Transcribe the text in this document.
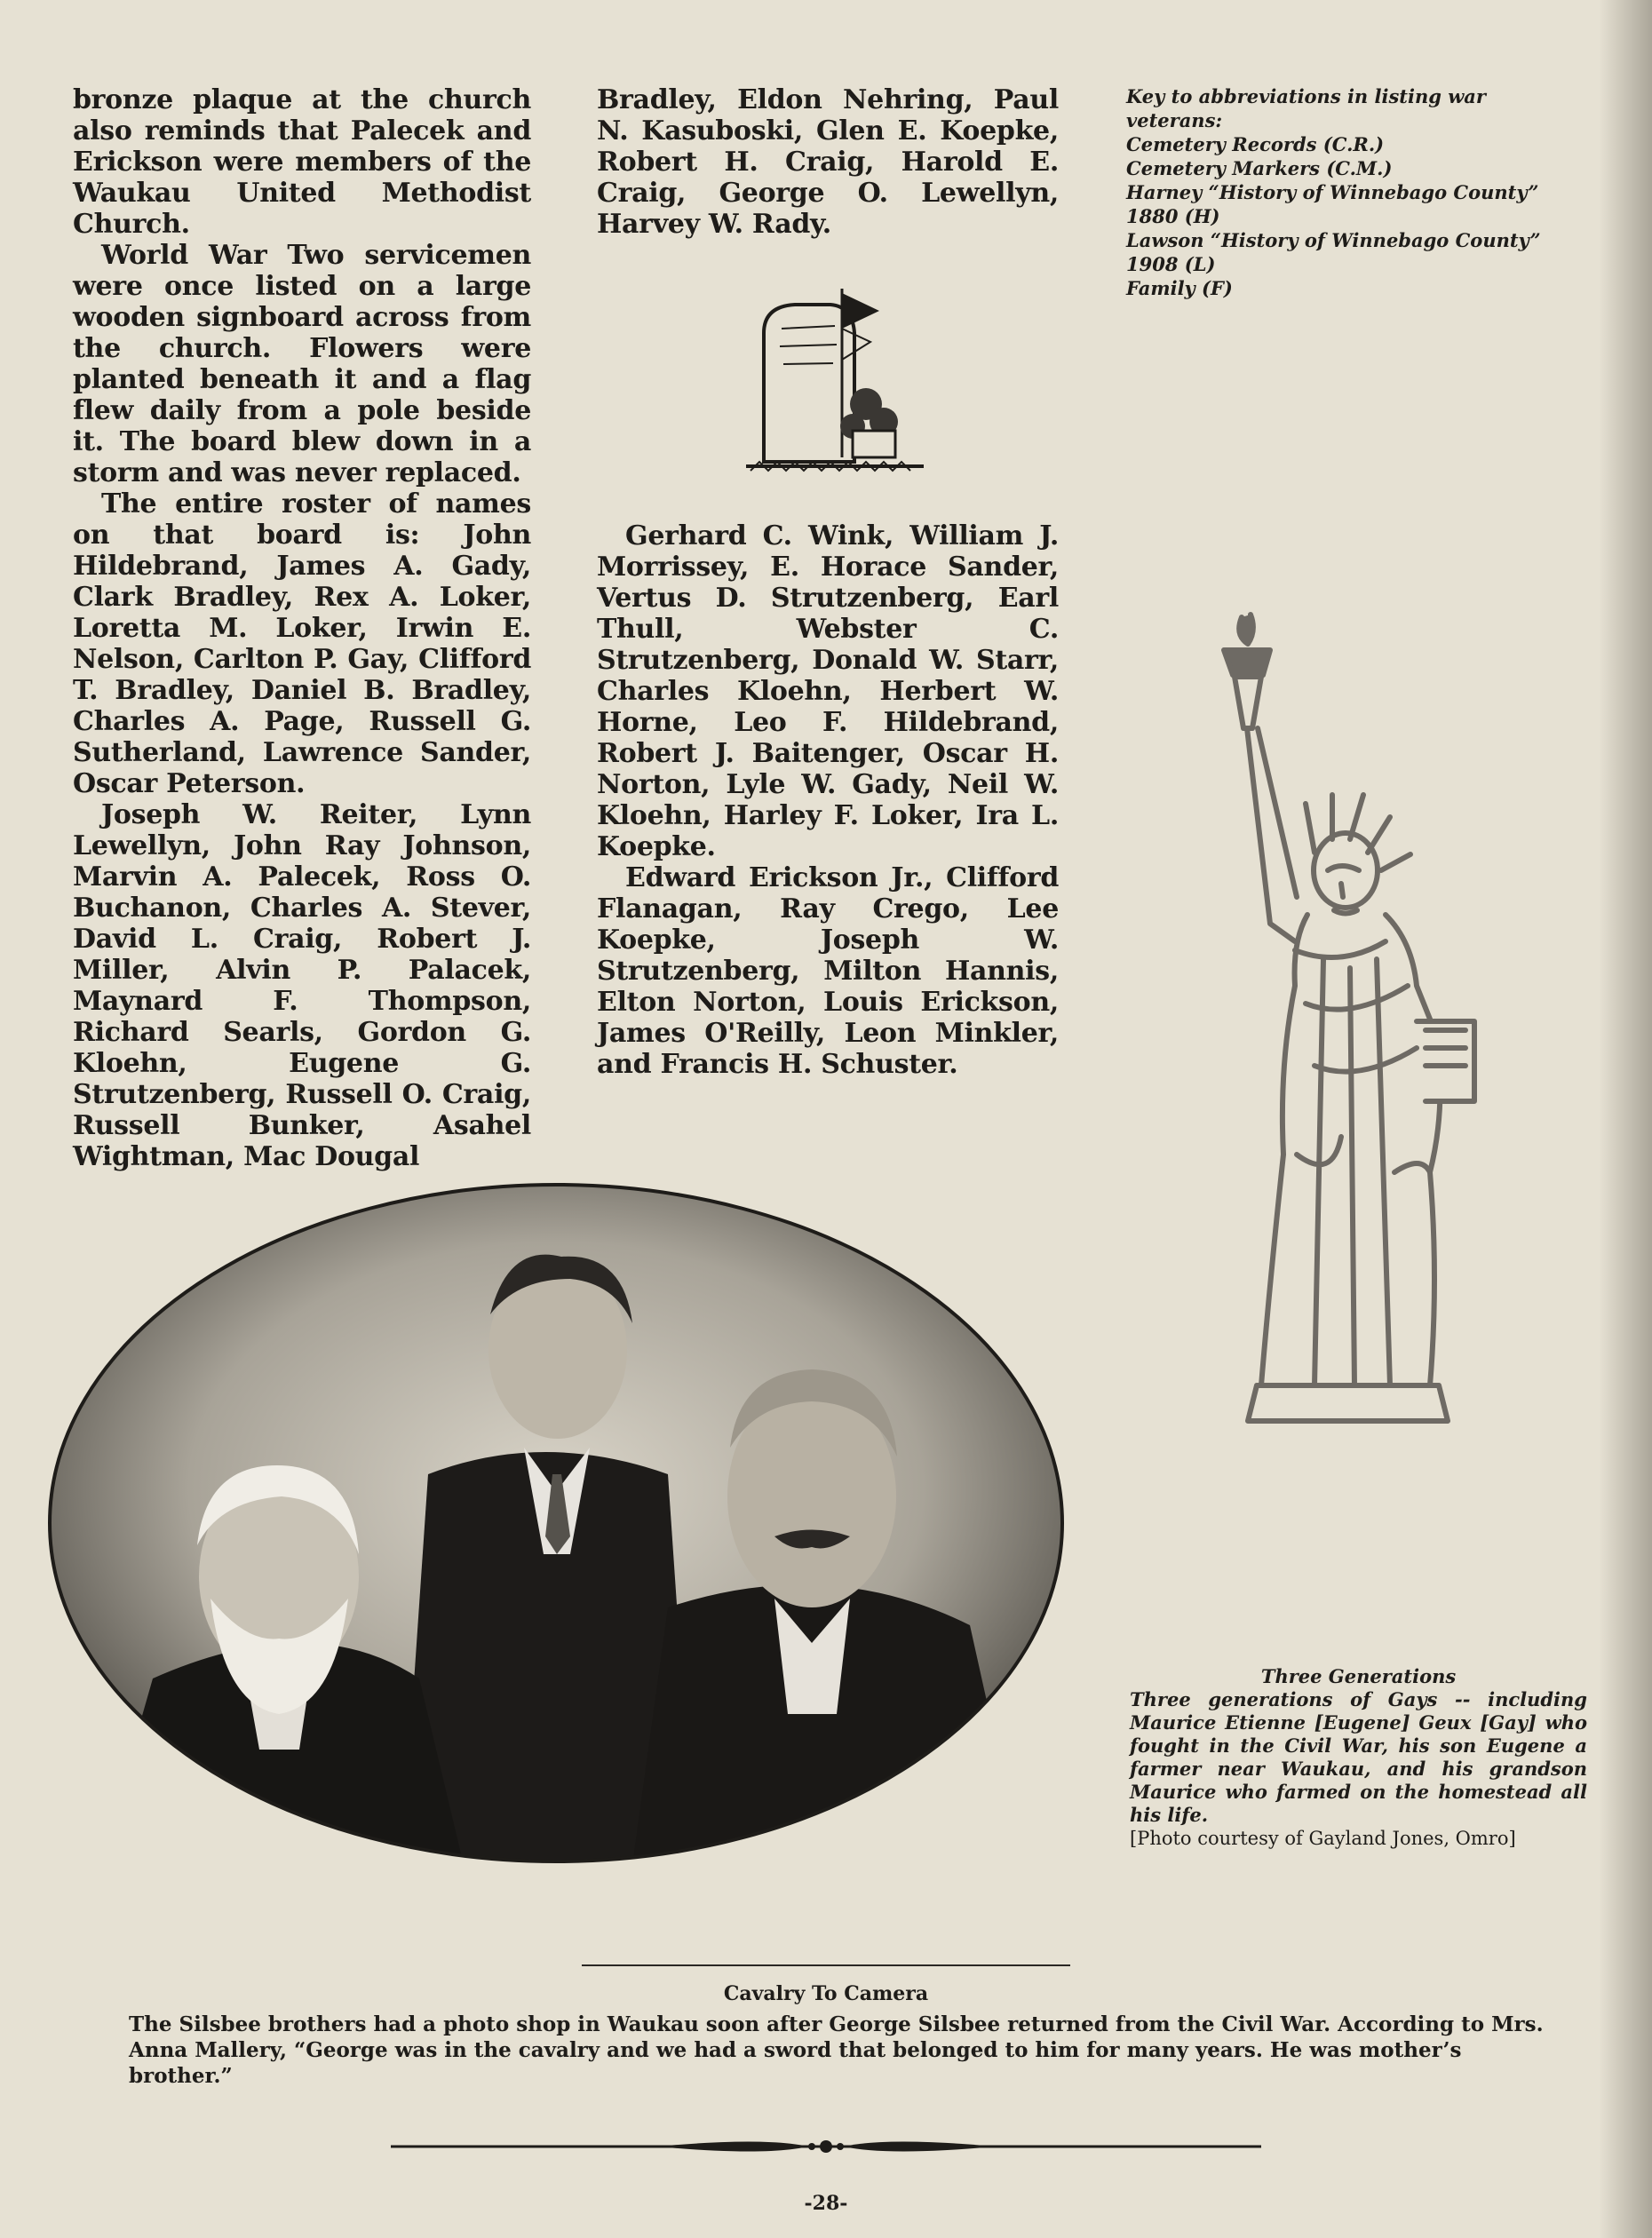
bronze plaque at the church also reminds that Palecek and Erickson were members of the Waukau United Methodist Church.

World War Two servicemen were once listed on a large wooden signboard across from the church. Flowers were planted beneath it and a flag flew daily from a pole beside it. The board blew down in a storm and was never replaced.

The entire roster of names on that board is: John Hildebrand, James A. Gady, Clark Bradley, Rex A. Loker, Loretta M. Loker, Irwin E. Nelson, Carlton P. Gay, Clifford T. Bradley, Daniel B. Bradley, Charles A. Page, Russell G. Sutherland, Lawrence Sander, Oscar Peterson.

Joseph W. Reiter, Lynn Lewellyn, John Ray Johnson, Marvin A. Palecek, Ross O. Buchanon, Charles A. Stever, David L. Craig, Robert J. Miller, Alvin P. Palacek, Maynard F. Thompson, Richard Searls, Gordon G. Kloehn, Eugene G. Strutzenberg, Russell O. Craig, Russell Bunker, Asahel Wightman, Mac Dougal

Bradley, Eldon Nehring, Paul N. Kasuboski, Glen E. Koepke, Robert H. Craig, Harold E. Craig, George O. Lewellyn, Harvey W. Rady.

Gerhard C. Wink, William J. Morrissey, E. Horace Sander, Vertus D. Strutzenberg, Earl Thull, Webster C. Strutzenberg, Donald W. Starr, Charles Kloehn, Herbert W. Horne, Leo F. Hildebrand, Robert J. Baitenger, Oscar H. Norton, Lyle W. Gady, Neil W. Kloehn, Harley F. Loker, Ira L. Koepke.

Edward Erickson Jr., Clifford Flanagan, Ray Crego, Lee Koepke, Joseph W. Strutzenberg, Milton Hannis, Elton Norton, Louis Erickson, James O'Reilly, Leon Minkler, and Francis H. Schuster.

Key to abbreviations in listing war veterans:
Cemetery Records (C.R.)
Cemetery Markers (C.M.)
Harney “History of Winnebago County” 1880 (H)
Lawson “History of Winnebago County” 1908 (L)
Family (F)
Three Generations
Three generations of Gays -- including Maurice Etienne [Eugene] Geux [Gay] who fought in the Civil War, his son Eugene a farmer near Waukau, and his grandson Maurice who farmed on the homestead all his life.
[Photo courtesy of Gayland Jones, Omro]
Cavalry To Camera
The Silsbee brothers had a photo shop in Waukau soon after George Silsbee returned from the Civil War. According to Mrs. Anna Mallery, “George was in the cavalry and we had a sword that belonged to him for many years. He was mother’s brother.”
-28-
